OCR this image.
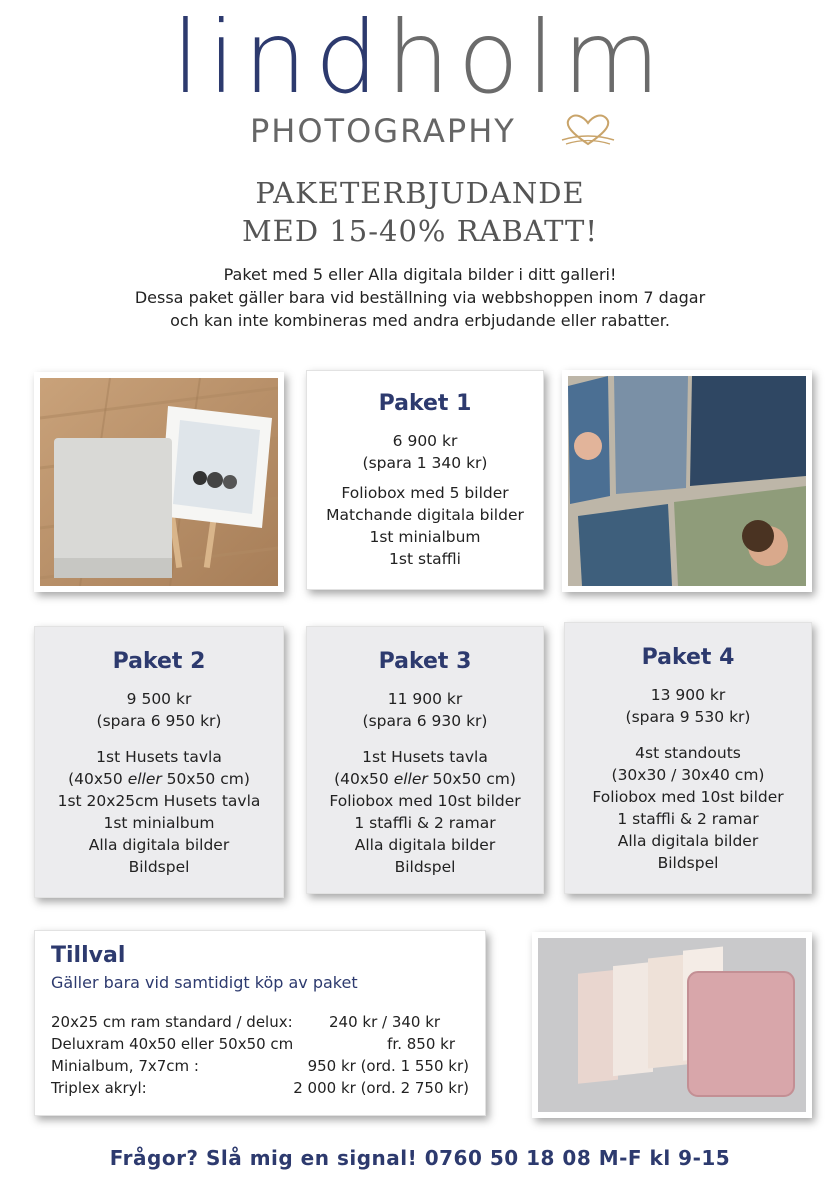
lindholm
PHOTOGRAPHY
PAKETERBJUDANDE
MED 15-40% RABATT!
Paket med 5 eller Alla digitala bilder i ditt galleri!
Dessa paket gäller bara vid beställning via webbshoppen inom 7 dagar
och kan inte kombineras med andra erbjudande eller rabatter.
Paket 1
6 900 kr
(spara 1 340 kr)
Foliobox med 5 bilder
Matchande digitala bilder
1st minialbum
1st staffli
Paket 2
9 500 kr
(spara 6 950 kr)
1st Husets tavla
(40x50 eller 50x50 cm)
1st 20x25cm Husets tavla
1st minialbum
Alla digitala bilder
Bildspel
Paket 3
11 900 kr
(spara 6 930 kr)
1st Husets tavla
(40x50 eller 50x50 cm)
Foliobox med 10st bilder
1 staffli & 2 ramar
Alla digitala bilder
Bildspel
Paket 4
13 900 kr
(spara 9 530 kr)
4st standouts
(30x30 / 30x40 cm)
Foliobox med 10st bilder
1 staffli & 2 ramar
Alla digitala bilder
Bildspel
Tillval
Gäller bara vid samtidigt köp av paket
20x25 cm ram standard / delux: 240 kr / 340 kr
Deluxram 40x50 eller 50x50 cm	fr. 850 kr
Minialbum, 7x7cm :	950 kr (ord. 1 550 kr)
Triplex akryl:	2 000 kr (ord. 2 750 kr)
Frågor? Slå mig en signal! 0760 50 18 08 M-F kl 9-15
